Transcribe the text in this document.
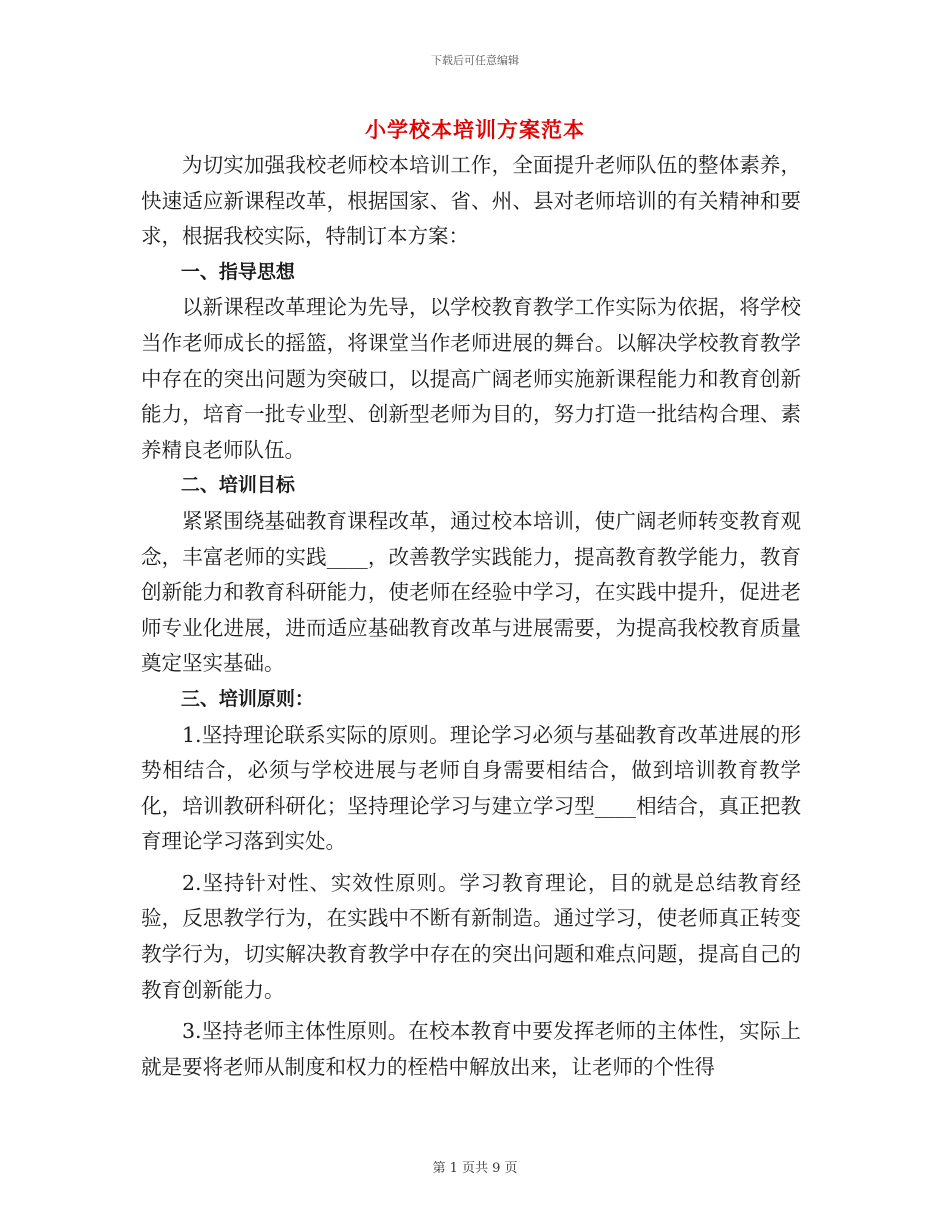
下载后可任意编辑
小学校本培训方案范本

为切实加强我校老师校本培训工作，全面提升老师队伍的整体素养，快速适应新课程改革，根据国家、省、州、县对老师培训的有关精神和要求，根据我校实际，特制订本方案：

一、指导思想

以新课程改革理论为先导，以学校教育教学工作实际为依据，将学校当作老师成长的摇篮，将课堂当作老师进展的舞台。以解决学校教育教学中存在的突出问题为突破口，以提高广阔老师实施新课程能力和教育创新能力，培育一批专业型、创新型老师为目的，努力打造一批结构合理、素养精良老师队伍。

二、培训目标

紧紧围绕基础教育课程改革，通过校本培训，使广阔老师转变教育观念，丰富老师的实践____，改善教学实践能力，提高教育教学能力，教育创新能力和教育科研能力，使老师在经验中学习，在实践中提升，促进老师专业化进展，进而适应基础教育改革与进展需要，为提高我校教育质量奠定坚实基础。

三、培训原则：

1.坚持理论联系实际的原则。理论学习必须与基础教育改革进展的形势相结合，必须与学校进展与老师自身需要相结合，做到培训教育教学化，培训教研科研化；坚持理论学习与建立学习型____相结合，真正把教育理论学习落到实处。

2.坚持针对性、实效性原则。学习教育理论，目的就是总结教育经验，反思教学行为，在实践中不断有新制造。通过学习，使老师真正转变教学行为，切实解决教育教学中存在的突出问题和难点问题，提高自己的教育创新能力。

3.坚持老师主体性原则。在校本教育中要发挥老师的主体性，实际上就是要将老师从制度和权力的桎梏中解放出来，让老师的个性得

第 1 页共 9 页
